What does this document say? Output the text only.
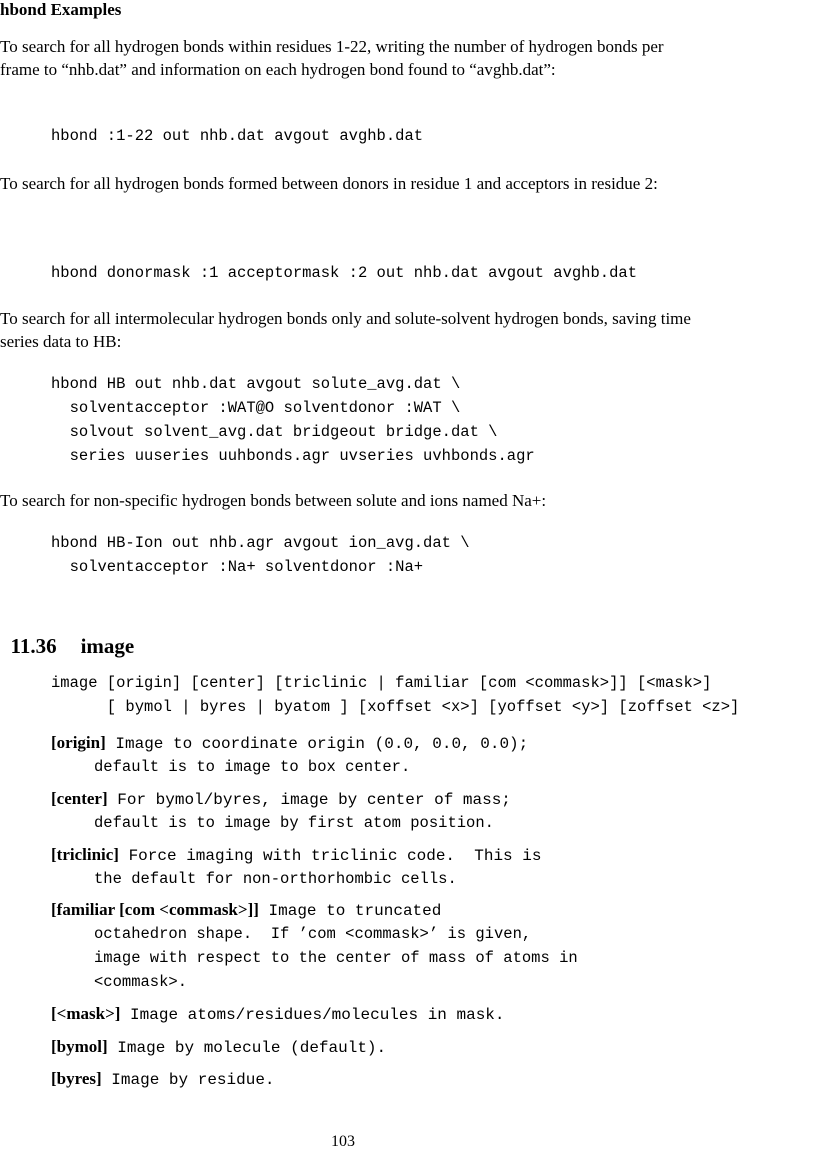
hbond Examples
To search for all hydrogen bonds within residues 1-22, writing the number of hydrogen bonds per frame to “nhb.dat” and information on each hydrogen bond found to “avghb.dat”:
hbond :1-22 out nhb.dat avgout avghb.dat
To search for all hydrogen bonds formed between donors in residue 1 and acceptors in residue 2:
hbond donormask :1 acceptormask :2 out nhb.dat avgout avghb.dat
To search for all intermolecular hydrogen bonds only and solute-solvent hydrogen bonds, saving time series data to HB:
hbond HB out nhb.dat avgout solute_avg.dat \
solventacceptor :WAT@O solventdonor :WAT \
solvout solvent_avg.dat bridgeout bridge.dat \
series uuseries uuhbonds.agr uvseries uvhbonds.agr
To search for non-specific hydrogen bonds between solute and ions named Na+:
hbond HB-Ion out nhb.agr avgout ion_avg.dat \
solventacceptor :Na+ solventdonor :Na+

11.36 image

image [origin] [center] [triclinic | familiar [com <commask>]] [<mask>]
[ bymol | byres | byatom ] [xoffset <x>] [yoffset <y>] [zoffset <z>]
[origin] Image to coordinate origin (0.0, 0.0, 0.0);
default is to image to box center.
[center] For bymol/byres, image by center of mass;
default is to image by first atom position.
[triclinic] Force imaging with triclinic code.  This is
the default for non-orthorhombic cells.
[familiar [com <commask>]] Image to truncated
octahedron shape.  If ’com <commask>’ is given,
image with respect to the center of mass of atoms in
<commask>.
[<mask>] Image atoms/residues/molecules in mask.
[bymol] Image by molecule (default).
[byres] Image by residue.
103
